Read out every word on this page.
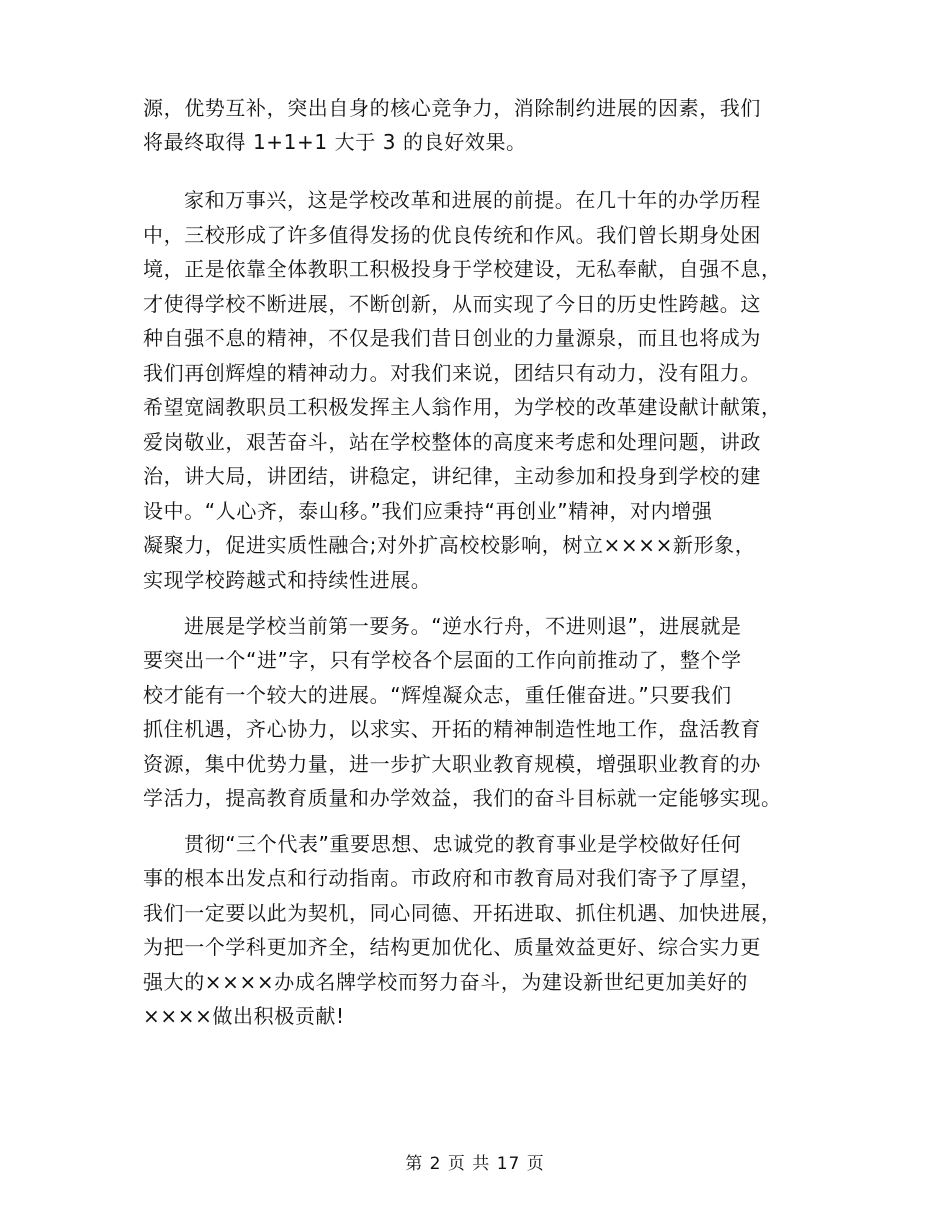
源，优势互补，突出自身的核心竞争力，消除制约进展的因素，我们
将最终取得 1+1+1 大于 3 的良好效果。
家和万事兴，这是学校改革和进展的前提。在几十年的办学历程
中，三校形成了许多值得发扬的优良传统和作风。我们曾长期身处困
境，正是依靠全体教职工积极投身于学校建设，无私奉献，自强不息，
才使得学校不断进展，不断创新，从而实现了今日的历史性跨越。这
种自强不息的精神，不仅是我们昔日创业的力量源泉，而且也将成为
我们再创辉煌的精神动力。对我们来说，团结只有动力，没有阻力。
希望宽阔教职员工积极发挥主人翁作用，为学校的改革建设献计献策，
爱岗敬业，艰苦奋斗，站在学校整体的高度来考虑和处理问题，讲政
治，讲大局，讲团结，讲稳定，讲纪律，主动参加和投身到学校的建
设中。“人心齐，泰山移。”我们应秉持“再创业”精神，对内增强
凝聚力，促进实质性融合;对外扩高校校影响，树立××××新形象，
实现学校跨越式和持续性进展。
进展是学校当前第一要务。“逆水行舟，不进则退”，进展就是
要突出一个“进”字，只有学校各个层面的工作向前推动了，整个学
校才能有一个较大的进展。“辉煌凝众志，重任催奋进。”只要我们
抓住机遇，齐心协力，以求实、开拓的精神制造性地工作，盘活教育
资源，集中优势力量，进一步扩大职业教育规模，增强职业教育的办
学活力，提高教育质量和办学效益，我们的奋斗目标就一定能够实现。
贯彻“三个代表”重要思想、忠诚党的教育事业是学校做好任何
事的根本出发点和行动指南。市政府和市教育局对我们寄予了厚望，
我们一定要以此为契机，同心同德、开拓进取、抓住机遇、加快进展，
为把一个学科更加齐全，结构更加优化、质量效益更好、综合实力更
强大的××××办成名牌学校而努力奋斗，为建设新世纪更加美好的
××××做出积极贡献!
第 2 页 共 17 页
